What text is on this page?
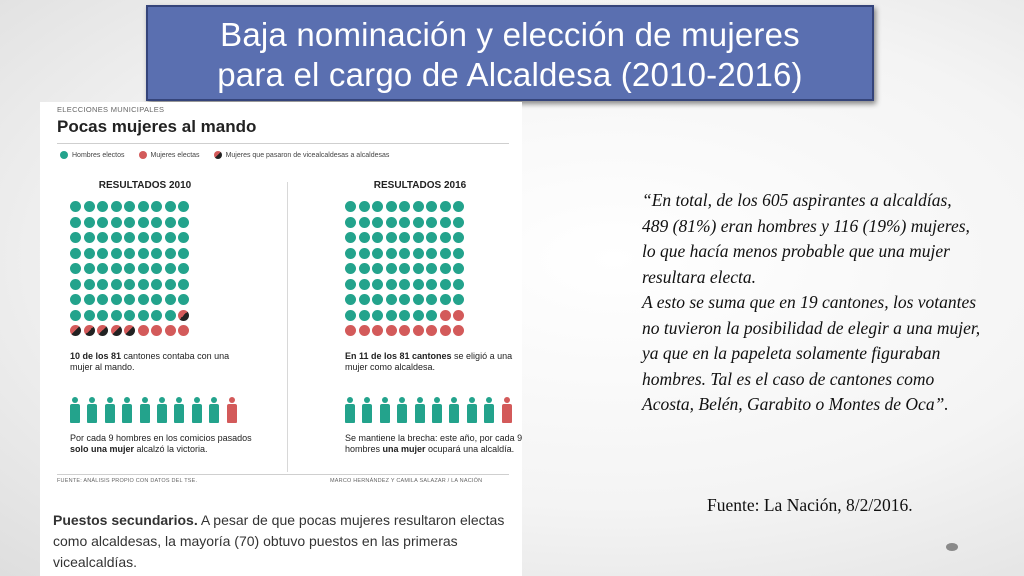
Baja nominación y elección de mujeres
para el cargo de Alcaldesa (2010-2016)
ELECCIONES MUNICIPALES
Pocas mujeres al mando
Hombres electos	Mujeres electas	Mujeres que pasaron de vicealcaldesas a alcaldesas
RESULTADOS 2010
10 de los 81 cantones contaba con una mujer al mando.
Por cada 9 hombres en los comicios pasados solo una mujer alcalzó la victoria.
RESULTADOS 2016
En 11 de los 81 cantones se eligió a una mujer como alcaldesa.
Se mantiene la brecha: este año, por cada 9 hombres una mujer ocupará una alcaldía.
FUENTE: ANÁLISIS PROPIO CON DATOS DEL TSE.	MARCO HERNÁNDEZ Y CAMILA SALAZAR / LA NACIÓN
Puestos secundarios. A pesar de que pocas mujeres resultaron electas como alcaldesas, la mayoría (70) obtuvo puestos en las primeras vicealcaldías.

“En total, de los 605 aspirantes a alcaldías, 489 (81%) eran hombres y 116 (19%) mujeres, lo que hacía menos probable que una mujer resultara electa.

A esto se suma que en 19 cantones, los votantes no tuvieron la posibilidad de elegir a una mujer, ya que en la papeleta solamente figuraban hombres. Tal es el caso de cantones como Acosta, Belén, Garabito o Montes de Oca”.

Fuente: La Nación, 8/2/2016.
